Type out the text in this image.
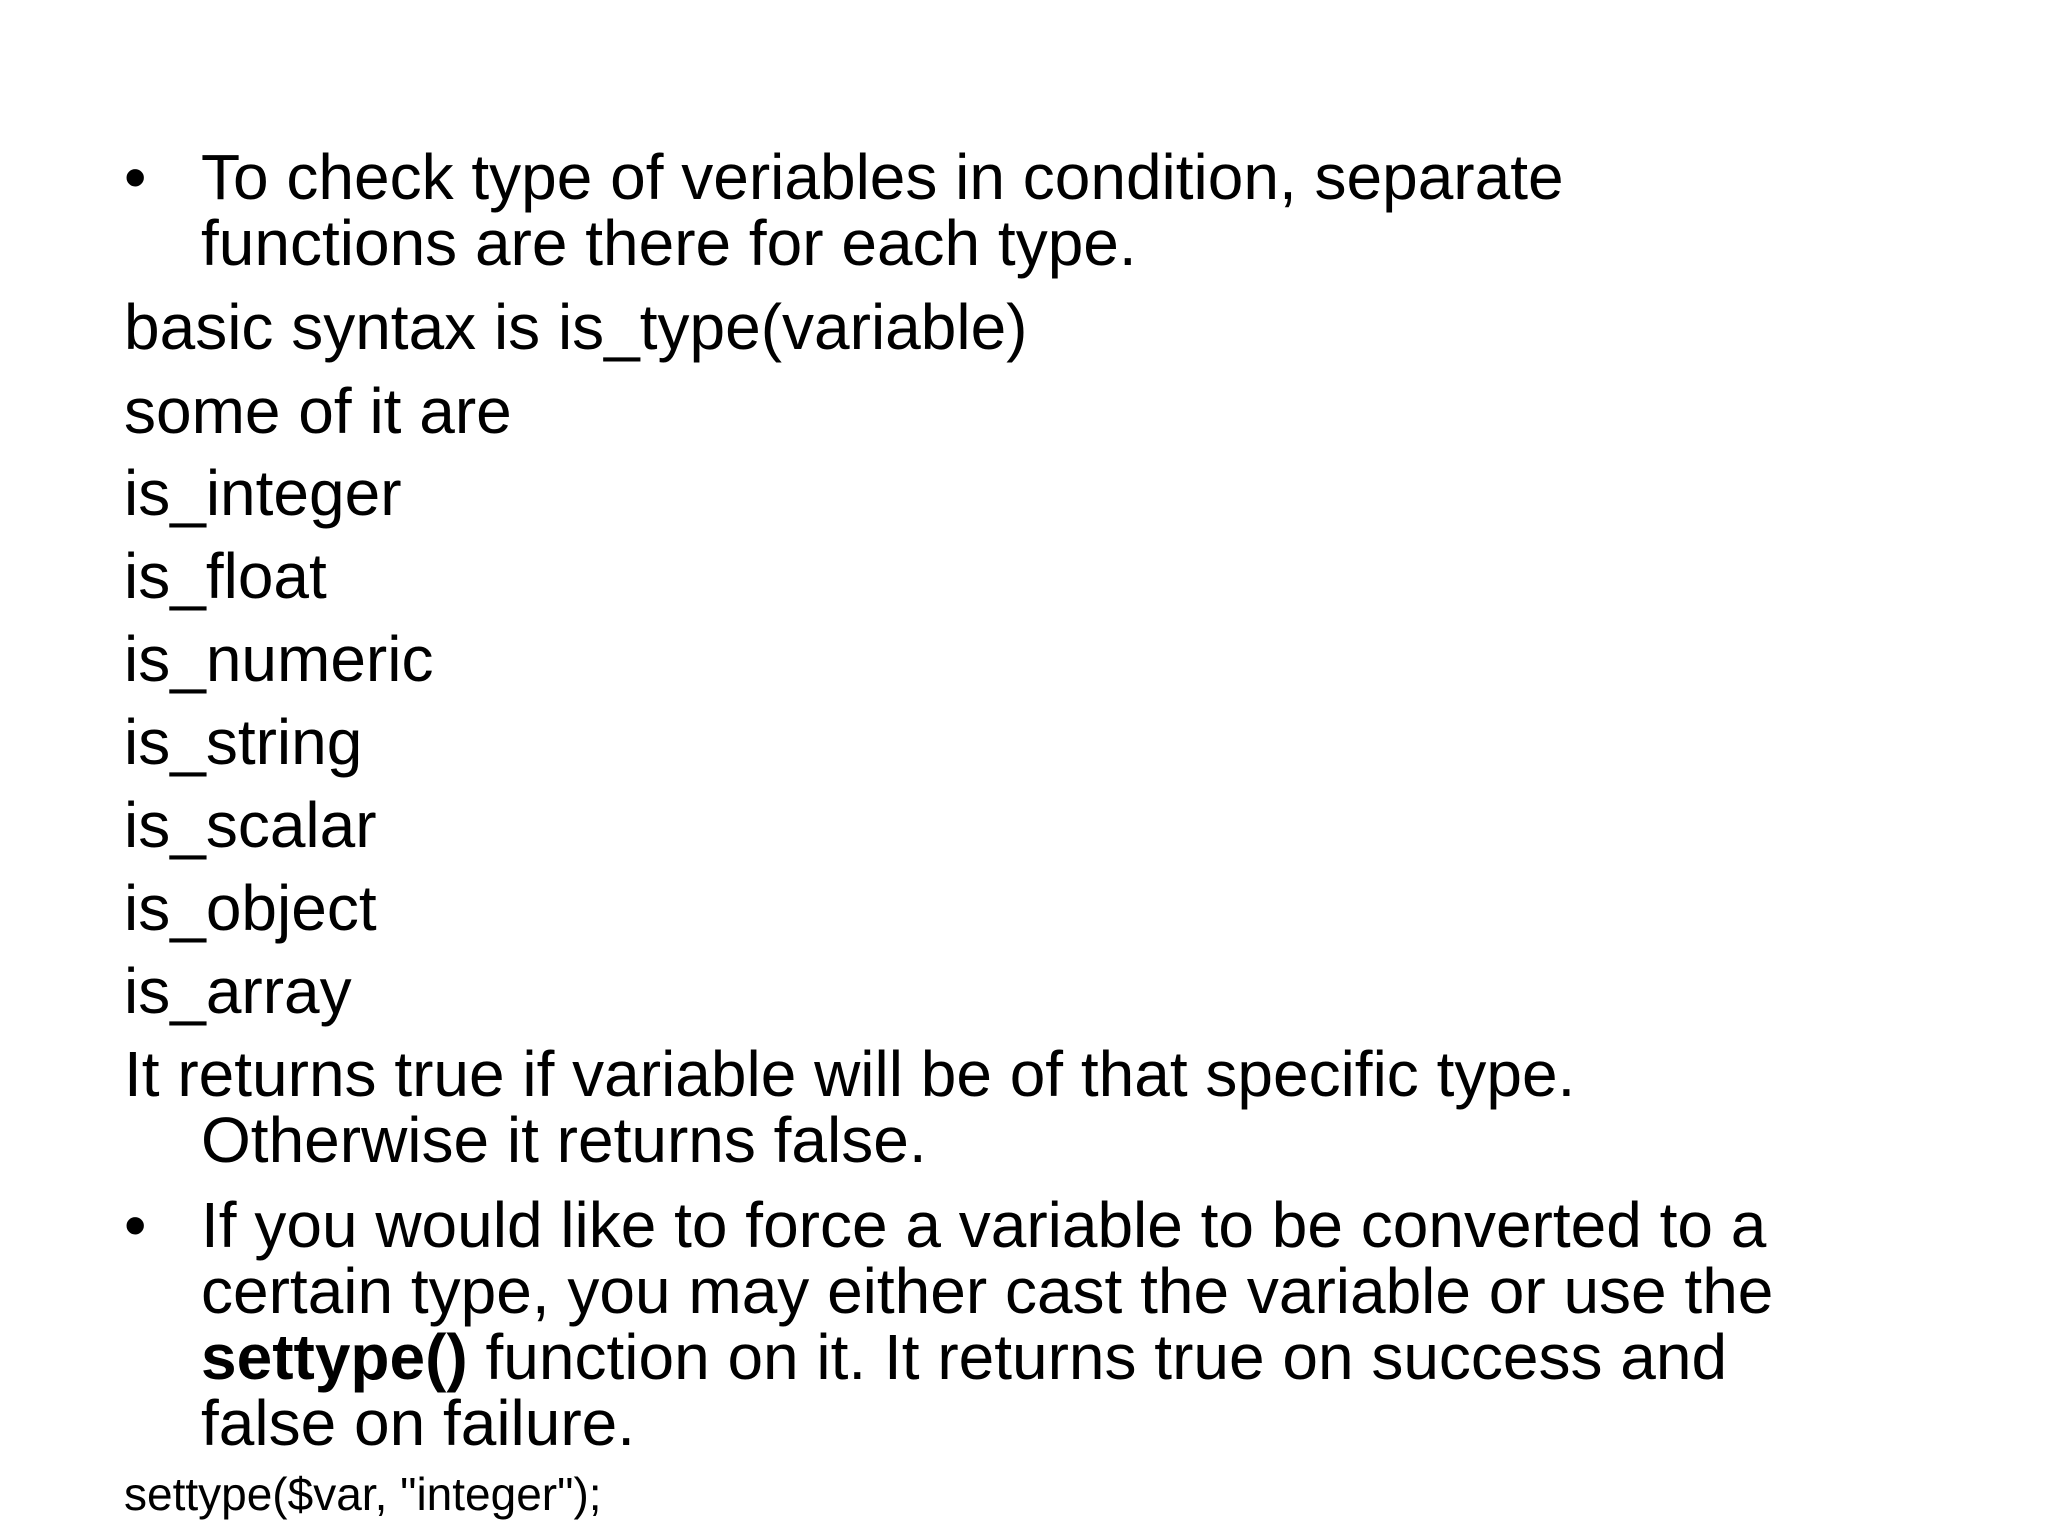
• To check type of veriables in condition, separate
functions are there for each type.
basic syntax is is_type(variable)
some of it are
is_integer
is_float
is_numeric
is_string
is_scalar
is_object
is_array
It returns true if variable will be of that specific type.
Otherwise it returns false.
• If you would like to force a variable to be converted to a
certain type, you may either cast the variable or use the
settype() function on it. It returns true on success and
false on failure.
settype($var, "integer");
